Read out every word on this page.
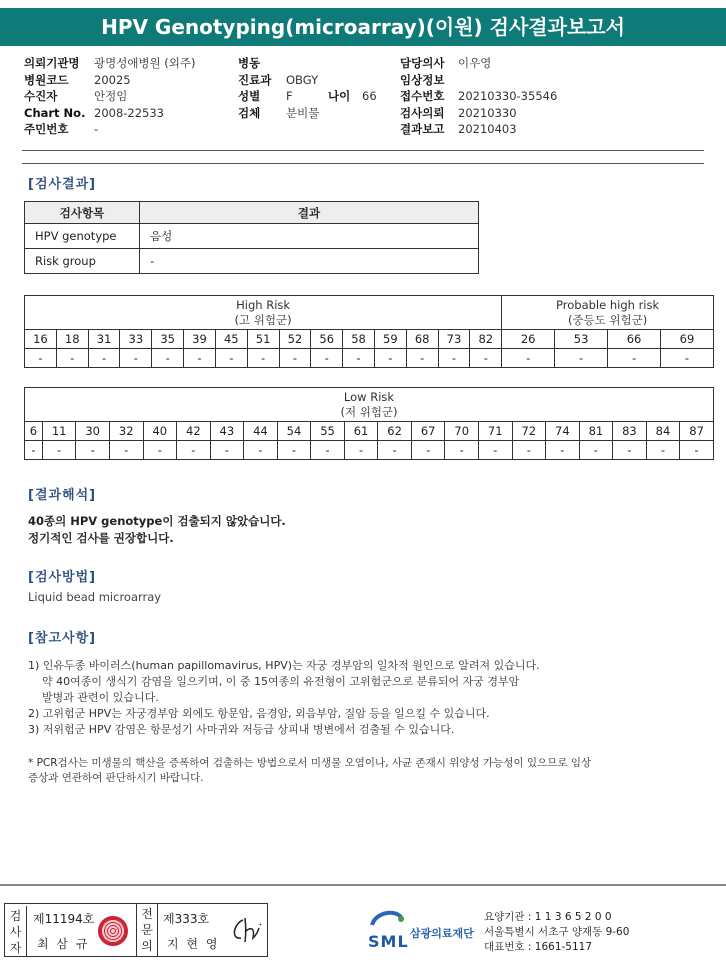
HPV Genotyping(microarray)(이원) 검사결과보고서
의뢰기관명 광명성애병원 (외주)
병원코드 20025
수진자	안정임
Chart No. 2008-22533
주민번호 -
병동
진료과 OBGY
성별 F	나이 66
검체 분비물
담당의사 이우영
임상정보
접수번호 20210330-35546
검사의뢰 20210330
결과보고 20210403
[검사결과]
검사항목	결과
HPV genotype	음성
Risk group	-
High Risk
(고 위험군)															Probable high risk
(중등도 위험군)			
16	18	31	33	35	39	45	51	52	56	58	59	68	73	82	26	53	66	69
-	-	-	-	-	-	-	-	-	-	-	-	-	-	-	-	-	-	-
Low Risk
(저 위험군)																				
6	11	30	32	40	42	43	44	54	55	61	62	67	70	71	72	74	81	83	84	87
-	-	-	-	-	-	-	-	-	-	-	-	-	-	-	-	-	-	-	-	-
[결과해석]
40종의 HPV genotype이 검출되지 않았습니다.
정기적인 검사를 권장합니다.
[검사방법]
Liquid bead microarray
[참고사항]
1) 인유두종 바이러스(human papillomavirus, HPV)는 자궁 경부암의 일차적 원인으로 알려져 있습니다.
약 40여종이 생식기 감염을 일으키며, 이 중 15여종의 유전형이 고위험군으로 분류되어 자궁 경부암
발병과 관련이 있습니다.
2) 고위험군 HPV는 자궁경부암 외에도 항문암, 음경암, 외음부암, 질암 등을 일으킬 수 있습니다.
3) 저위험군 HPV 감염은 항문성기 사마귀와 저등급 상피내 병변에서 검출될 수 있습니다.
* PCR검사는 미생물의 핵산을 증폭하여 검출하는 방법으로서 미생물 오염이나, 사균 존재시 위양성 가능성이 있으므로 임상
증상과 연관하여 판단하시기 바랍니다.
검사자
제11194호
최 삼 규
전문의
제333호
지 현 영	SML 삼광의료재단
요양기관 : 1 1 3 6 5 2 0 0
서울특별시 서초구 양재동 9-60
대표번호 : 1661-5117
